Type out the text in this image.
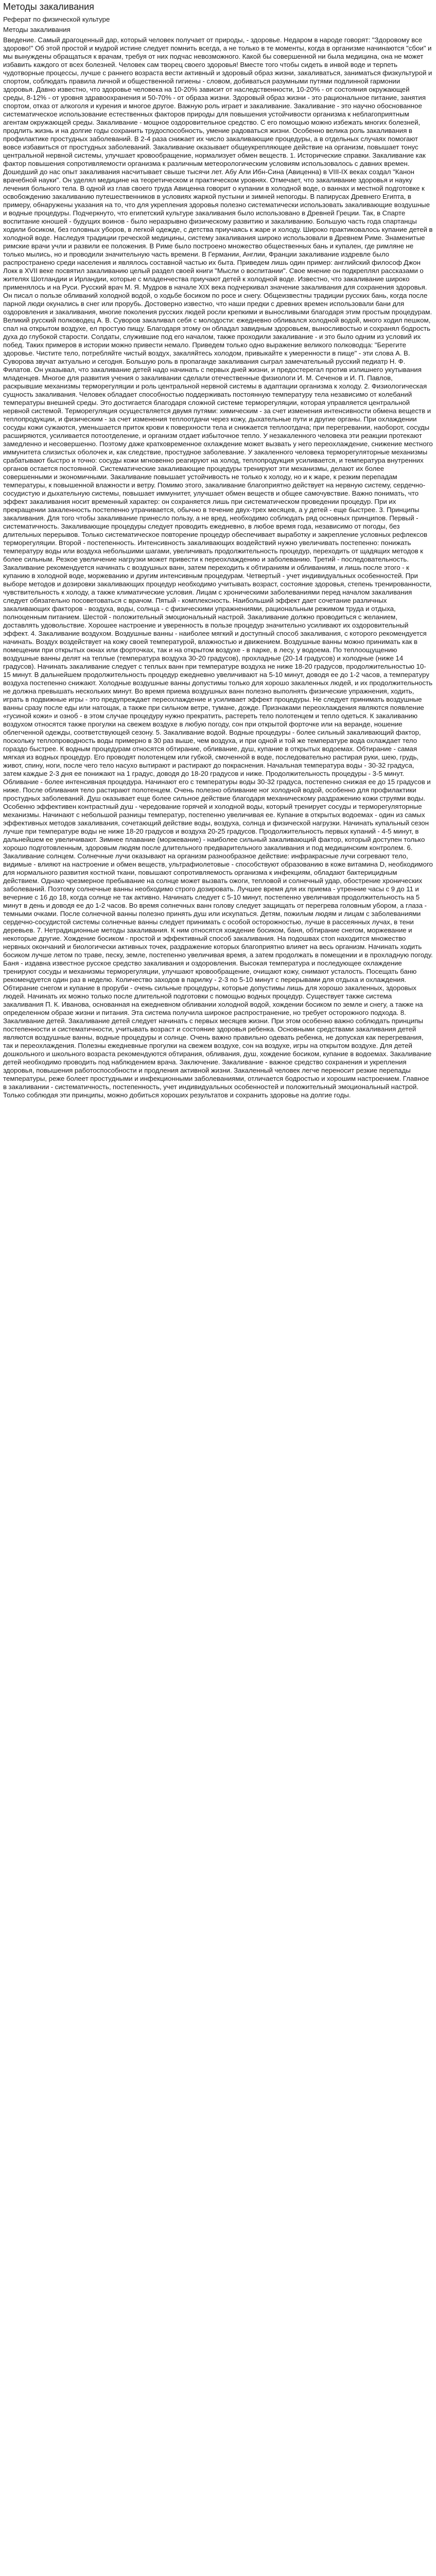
Методы закаливания
Реферат по физической культуре
Методы закаливания

Введение. Самый драгоценный дар, который человек получает от природы, - здоровье. Недаром в народе говорят: "Здоровому все здорово!" Об этой простой и мудрой истине следует помнить всегда, а не только в те моменты, когда в организме начинаются "сбои" и мы вынуждены обращаться к врачам, требуя от них подчас невозможного. Какой бы совершенной ни была медицина, она не может избавить каждого от всех болезней. Человек сам творец своего здоровья! Вместе того чтобы сидеть в инвой воде и терпеть чудотворные процессы, лучше с раннего возраста вести активный и здоровый образ жизни, закаливаться, заниматься физкультурой и спортом, соблюдать правила личной и общественной гигиены - словом, добиваться разумными путями подлинной гармонии здоровья. Давно известно, что здоровье человека на 10-20% зависит от наследственности, 10-20% - от состояния окружающей среды, 8-12% - от уровня здравоохранения и 50-70% - от образа жизни. Здоровый образ жизни - это рациональное питание, занятия спортом, отказ от алкоголя и курения и многое другое. Важную роль играет и закаливание. Закаливание - это научно обоснованное систематическое использование естественных факторов природы для повышения устойчивости организма к неблагоприятным агентам окружающей среды. Закаливание - мощное оздоровительное средство. С его помощью можно избежать многих болезней, продлить жизнь и на долгие годы сохранить трудоспособность, умение радоваться жизни. Особенно велика роль закаливания в профилактике простудных заболеваний. В 2-4 раза снижает их число закаливающие процедуры, а в отдельных случаях помогают вовсе избавиться от простудных заболеваний. Закаливание оказывает общеукрепляющее действие на организм, повышает тонус центральной нервной системы, улучшает кровообращение, нормализует обмен веществ. 1. Исторические справки. Закаливание как фактор повышения сопротивляемости организма к различным метеорологическим условиям использовалось с давних времен. Дошедший до нас опыт закаливания насчитывает свыше тысячи лет. Абу Али Ибн-Сина (Авиценна) в VIII-IX веках создал "Канон врачебной науки". Он уделял медицине на теоретическом и практическом уровнях. Отмечает, что закаливание здоровья и науку лечения больного тела. В одной из глав своего труда Авиценна говорит о купании в холодной воде, о ваннах и местной подготовке к освобождению закаливанию путешественников в условиях жаркой пустыни и зимней непогоды. В папирусах Древнего Египта, в примеру, обнаружены указания на то, что для укрепления здоровья полезно систематически использовать закаливающие воздушные и водные процедуры. Подчеркнуто, что египетский культуре закаливания было использовано в Древней Греции. Так, в Спарте воспитание юношей - будущих воинов - было неразрывно физическому развитию и закаливанию. Большую часть года спартанцы ходили босиком, без головных уборов, в легкой одежде, с детства приучаясь к жаре и холоду. Широко практиковалось купание детей в холодной воде. Наследуя традиции греческой медицины, систему закаливания широко использовали в Древнем Риме. Знаменитые римские врачи учли и развили ее положения. В Риме было построено множество общественных бань и купален, где римляне не только мылись, но и проводили значительную часть времени. В Германии, Англии, Франции закаливание издревле было распространено среди населения и являлось составной частью их быта. Приведем лишь один пример: английский философ Джон Локк в XVII веке посвятил закаливанию целый раздел своей книги "Мысли о воспитании". Свое мнение он подкреплял рассказами о жителях Шотландии и Ирландии, которые с младенчества приучают детей к холодной воде. Известно, что закаливание широко применялось и на Руси. Русский врач М. Я. Мудров в начале XIX века подчеркивал значение закаливания для сохранения здоровья. Он писал о пользе обливаний холодной водой, о ходьбе босиком по росе и снегу. Общеизвестны традиции русских бань, когда после парной люди окунались в снег или прорубь. Достоверно известно, что наши предки с древних времен использовали бани для оздоровления и закаливания, многие поколения русских людей росли крепкими и выносливыми благодаря этим простым процедурам. Великий русский полководец А. В. Суворов закаливал себя с молодости: ежедневно обливался холодной водой, много ходил пешком, спал на открытом воздухе, ел простую пищу. Благодаря этому он обладал завидным здоровьем, выносливостью и сохранял бодрость духа до глубокой старости. Солдаты, служившие под его началом, также проходили закаливание - и это было одним из условий их побед. Таких примеров в истории можно привести немало. Приведем только одно выражение великого полководца: "Берегите здоровье. Чистите тело, потребляйте чистый воздух, закаляйтесь холодом, привыкайте к умеренности в пище" - эти слова А. В. Суворова звучат актуально и сегодня. Большую роль в пропаганде закаливания сыграл замечательный русский педиатр Н. Ф. Филатов. Он указывал, что закаливание детей надо начинать с первых дней жизни, и предостерегал против излишнего укутывания младенцев. Многое для развития учения о закаливании сделали отечественные физиологи И. М. Сеченов и И. П. Павлов, раскрывшие механизмы терморегуляции и роль центральной нервной системы в адаптации организма к холоду. 2. Физиологическая сущность закаливания. Человек обладает способностью поддерживать постоянную температуру тела независимо от колебаний температуры внешней среды. Это достигается благодаря сложной системе терморегуляции, которая управляется центральной нервной системой. Терморегуляция осуществляется двумя путями: химическим - за счет изменения интенсивности обмена веществ и теплопродукции, и физическим - за счет изменения теплоотдачи через кожу, дыхательные пути и другие органы. При охлаждении сосуды кожи сужаются, уменьшается приток крови к поверхности тела и снижается теплоотдача; при перегревании, наоборот, сосуды расширяются, усиливается потоотделение, и организм отдает избыточное тепло. У незакаленного человека эти реакции протекают замедленно и несовершенно. Поэтому даже кратковременное охлаждение может вызвать у него переохлаждение, снижение местного иммунитета слизистых оболочек и, как следствие, простудное заболевание. У закаленного человека терморегуляторные механизмы срабатывают быстро и точно: сосуды кожи мгновенно реагируют на холод, теплопродукция усиливается, и температура внутренних органов остается постоянной. Систематические закаливающие процедуры тренируют эти механизмы, делают их более совершенными и экономичными. Закаливание повышает устойчивость не только к холоду, но и к жаре, к резким перепадам температуры, к повышенной влажности и ветру. Помимо этого, закаливание благоприятно действует на нервную систему, сердечно-сосудистую и дыхательную системы, повышает иммунитет, улучшает обмен веществ и общее самочувствие. Важно понимать, что эффект закаливания носит временный характер: он сохраняется лишь при систематическом проведении процедур. При их прекращении закаленность постепенно утрачивается, обычно в течение двух-трех месяцев, а у детей - еще быстрее. 3. Принципы закаливания. Для того чтобы закаливание принесло пользу, а не вред, необходимо соблюдать ряд основных принципов. Первый - систематичность. Закаливающие процедуры следует проводить ежедневно, в любое время года, независимо от погоды, без длительных перерывов. Только систематическое повторение процедур обеспечивает выработку и закрепление условных рефлексов терморегуляции. Второй - постепенность. Интенсивность закаливающих воздействий нужно увеличивать постепенно: понижать температуру воды или воздуха небольшими шагами, увеличивать продолжительность процедур, переходить от щадящих методов к более сильным. Резкое увеличение нагрузки может привести к переохлаждению и заболеванию. Третий - последовательность. Закаливание рекомендуется начинать с воздушных ванн, затем переходить к обтираниям и обливаниям, и лишь после этого - к купанию в холодной воде, моржеванию и другим интенсивным процедурам. Четвертый - учет индивидуальных особенностей. При выборе методов и дозировки закаливающих процедур необходимо учитывать возраст, состояние здоровья, степень тренированности, чувствительность к холоду, а также климатические условия. Лицам с хроническими заболеваниями перед началом закаливания следует обязательно посоветоваться с врачом. Пятый - комплексность. Наибольший эффект дает сочетание различных закаливающих факторов - воздуха, воды, солнца - с физическими упражнениями, рациональным режимом труда и отдыха, полноценным питанием. Шестой - положительный эмоциональный настрой. Закаливание должно проводиться с желанием, доставлять удовольствие. Хорошее настроение и уверенность в пользе процедур значительно усиливают их оздоровительный эффект. 4. Закаливание воздухом. Воздушные ванны - наиболее мягкий и доступный способ закаливания, с которого рекомендуется начинать. Воздух воздействует на кожу своей температурой, влажностью и движением. Воздушные ванны можно принимать как в помещении при открытых окнах или форточках, так и на открытом воздухе - в парке, в лесу, у водоема. По теплоощущению воздушные ванны делят на теплые (температура воздуха 30-20 градусов), прохладные (20-14 градусов) и холодные (ниже 14 градусов). Начинать закаливание следует с теплых ванн при температуре воздуха не ниже 18-20 градусов, продолжительностью 10-15 минут. В дальнейшем продолжительность процедур ежедневно увеличивают на 5-10 минут, доводя ее до 1-2 часов, а температуру воздуха постепенно снижают. Холодные воздушные ванны допустимы только для хорошо закаленных людей, и их продолжительность не должна превышать нескольких минут. Во время приема воздушных ванн полезно выполнять физические упражнения, ходить, играть в подвижные игры - это предупреждает переохлаждение и усиливает эффект процедуры. Не следует принимать воздушные ванны сразу после еды или натощак, а также при сильном ветре, тумане, дожде. Признаками переохлаждения являются появление «гусиной кожи» и озноб - в этом случае процедуру нужно прекратить, растереть тело полотенцем и тепло одеться. К закаливанию воздухом относятся также прогулки на свежем воздухе в любую погоду, сон при открытой форточке или на веранде, ношение облегченной одежды, соответствующей сезону. 5. Закаливание водой. Водные процедуры - более сильный закаливающий фактор, поскольку теплопроводность воды примерно в 30 раз выше, чем воздуха, и при одной и той же температуре вода охлаждает тело гораздо быстрее. К водным процедурам относятся обтирание, обливание, душ, купание в открытых водоемах. Обтирание - самая мягкая из водных процедур. Его проводят полотенцем или губкой, смоченной в воде, последовательно растирая руки, шею, грудь, живот, спину, ноги, после чего тело насухо вытирают и растирают до покраснения. Начальная температура воды - 30-32 градуса, затем каждые 2-3 дня ее понижают на 1 градус, доводя до 18-20 градусов и ниже. Продолжительность процедуры - 3-5 минут. Обливание - более интенсивная процедура. Начинают его с температуры воды 30-32 градуса, постепенно снижая ее до 15 градусов и ниже. После обливания тело растирают полотенцем. Очень полезно обливание ног холодной водой, особенно для профилактики простудных заболеваний. Душ оказывает еще более сильное действие благодаря механическому раздражению кожи струями воды. Особенно эффективен контрастный душ - чередование горячей и холодной воды, который тренирует сосуды и терморегуляторные механизмы. Начинают с небольшой разницы температур, постепенно увеличивая ее. Купание в открытых водоемах - один из самых эффективных методов закаливания, сочетающий действие воды, воздуха, солнца и физической нагрузки. Начинать купальный сезон лучше при температуре воды не ниже 18-20 градусов и воздуха 20-25 градусов. Продолжительность первых купаний - 4-5 минут, в дальнейшем ее увеличивают. Зимнее плавание (моржевание) - наиболее сильный закаливающий фактор, который доступен только хорошо подготовленным, здоровым людям после длительного предварительного закаливания и под медицинским контролем. 6. Закаливание солнцем. Солнечные лучи оказывают на организм разнообразное действие: инфракрасные лучи согревают тело, видимые - влияют на настроение и обмен веществ, ультрафиолетовые - способствуют образованию в коже витамина D, необходимого для нормального развития костной ткани, повышают сопротивляемость организма к инфекциям, обладают бактерицидным действием. Однако чрезмерное пребывание на солнце может вызвать ожоги, тепловой и солнечный удар, обострение хронических заболеваний. Поэтому солнечные ванны необходимо строго дозировать. Лучшее время для их приема - утренние часы с 9 до 11 и вечерние с 16 до 18, когда солнце не так активно. Начинать следует с 5-10 минут, постепенно увеличивая продолжительность на 5 минут в день и доводя ее до 1-2 часов. Во время солнечных ванн голову следует защищать от перегрева головным убором, а глаза - темными очками. После солнечной ванны полезно принять душ или искупаться. Детям, пожилым людям и лицам с заболеваниями сердечно-сосудистой системы солнечные ванны следует принимать с особой осторожностью, лучше в рассеянных лучах, в тени деревьев. 7. Нетрадиционные методы закаливания. К ним относятся хождение босиком, баня, обтирание снегом, моржевание и некоторые другие. Хождение босиком - простой и эффективный способ закаливания. На подошвах стоп находится множество нервных окончаний и биологически активных точек, раздражение которых благоприятно влияет на весь организм. Начинать ходить босиком лучше летом по траве, песку, земле, постепенно увеличивая время, а затем продолжать в помещении и в прохладную погоду. Баня - издавна известное русское средство закаливания и оздоровления. Высокая температура и последующее охлаждение тренируют сосуды и механизмы терморегуляции, улучшают кровообращение, очищают кожу, снимают усталость. Посещать баню рекомендуется один раз в неделю. Количество заходов в парилку - 2-3 по 5-10 минут с перерывами для отдыха и охлаждения. Обтирание снегом и купание в проруби - очень сильные процедуры, которые допустимы лишь для хорошо закаленных, здоровых людей. Начинать их можно только после длительной подготовки с помощью водных процедур. Существует также система закаливания П. К. Иванова, основанная на ежедневном обливании холодной водой, хождении босиком по земле и снегу, а также на определенном образе жизни и питания. Эта система получила широкое распространение, но требует осторожного подхода. 8. Закаливание детей. Закаливание детей следует начинать с первых месяцев жизни. При этом особенно важно соблюдать принципы постепенности и систематичности, учитывать возраст и состояние здоровья ребенка. Основными средствами закаливания детей являются воздушные ванны, водные процедуры и солнце. Очень важно правильно одевать ребенка, не допуская как перегревания, так и переохлаждения. Полезны ежедневные прогулки на свежем воздухе, сон на воздухе, игры на открытом воздухе. Для детей дошкольного и школьного возраста рекомендуются обтирания, обливания, душ, хождение босиком, купание в водоемах. Закаливание детей необходимо проводить под наблюдением врача. Заключение. Закаливание - важное средство сохранения и укрепления здоровья, повышения работоспособности и продления активной жизни. Закаленный человек легче переносит резкие перепады температуры, реже болеет простудными и инфекционными заболеваниями, отличается бодростью и хорошим настроением. Главное в закаливании - систематичность, постепенность, учет индивидуальных особенностей и положительный эмоциональный настрой. Только соблюдая эти принципы, можно добиться хороших результатов и сохранить здоровье на долгие годы.
